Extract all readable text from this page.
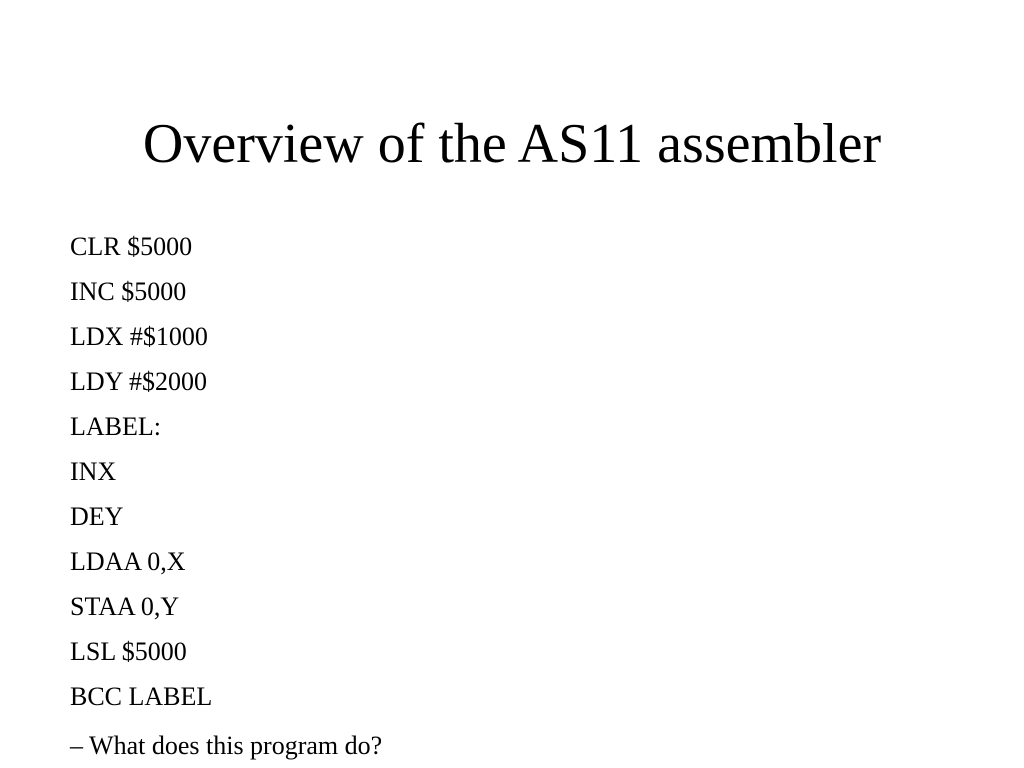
Overview of the AS11 assembler
CLR $5000
INC $5000
LDX #$1000
LDY #$2000
LABEL:
INX
DEY
LDAA 0,X
STAA 0,Y
LSL $5000
BCC LABEL
– What does this program do?
